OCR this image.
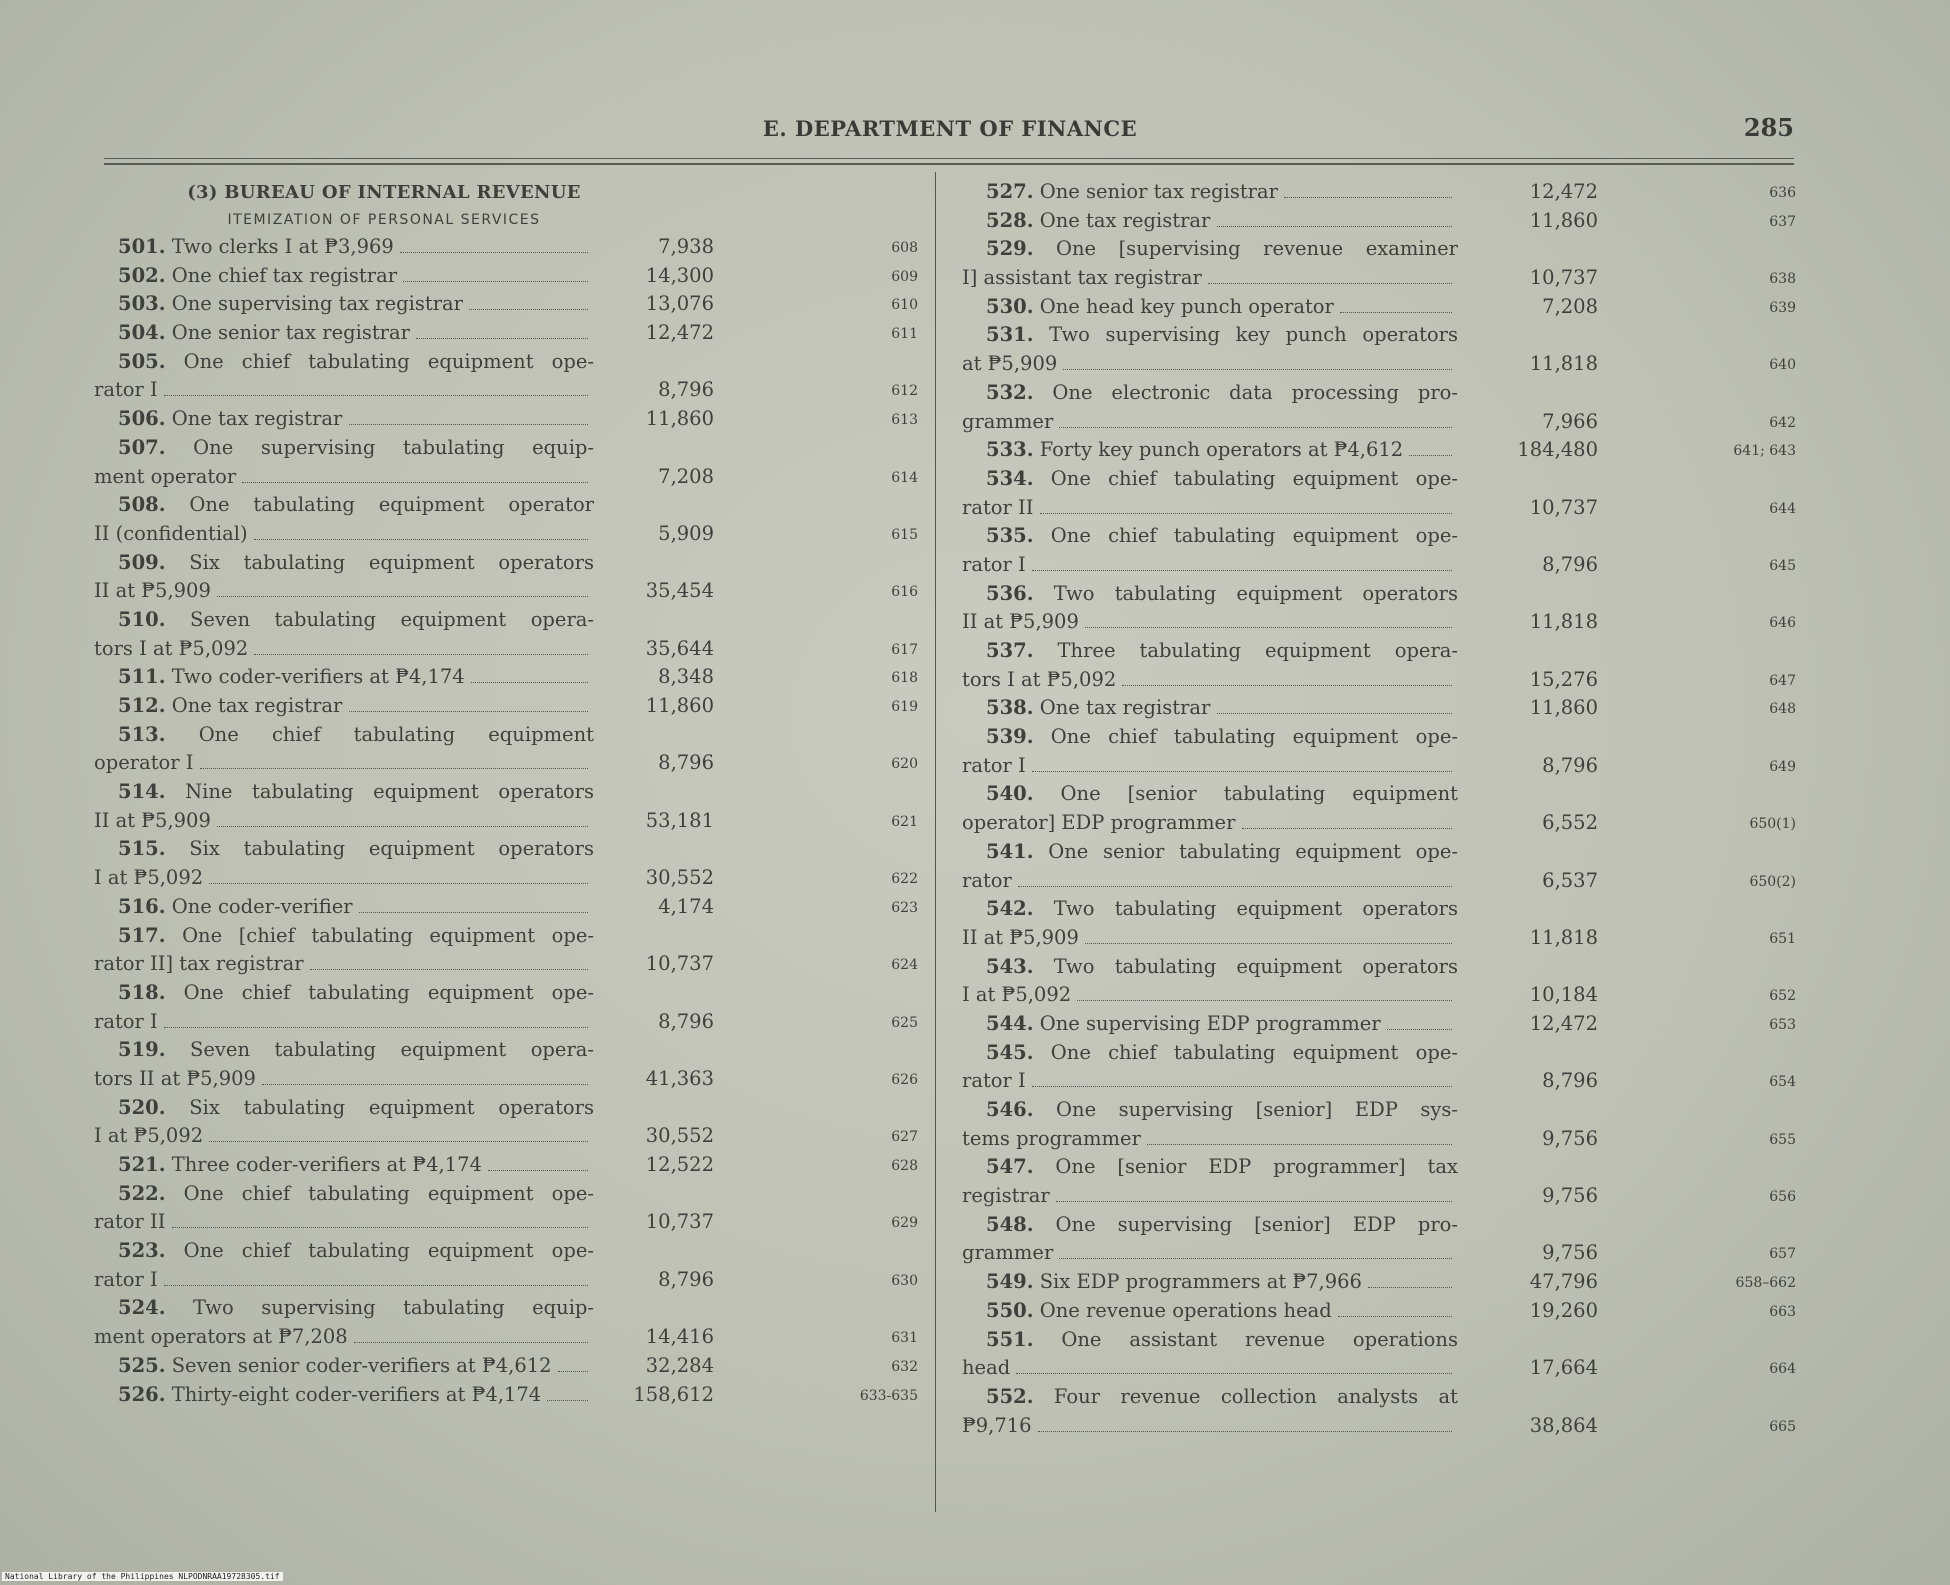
E. DEPARTMENT OF FINANCE	285
(3) BUREAU OF INTERNAL REVENUE
ITEMIZATION OF PERSONAL SERVICES
501. Two clerks I at ₱3,969	7,938	608
502. One chief tax registrar	14,300	609
503. One supervising tax registrar	13,076	610
504. One senior tax registrar	12,472	611
505. One chief tabulating equipment ope-
rator I	8,796	612
506. One tax registrar	11,860	613
507. One supervising tabulating equip-
ment operator	7,208	614
508. One tabulating equipment operator
II (confidential)	5,909	615
509. Six tabulating equipment operators
II at ₱5,909	35,454	616
510. Seven tabulating equipment opera-
tors I at ₱5,092	35,644	617
511. Two coder-verifiers at ₱4,174	8,348	618
512. One tax registrar	11,860	619
513. One chief tabulating equipment
operator I	8,796	620
514. Nine tabulating equipment operators
II at ₱5,909	53,181	621
515. Six tabulating equipment operators
I at ₱5,092	30,552	622
516. One coder-verifier	4,174	623
517. One [chief tabulating equipment ope-
rator II] tax registrar	10,737	624
518. One chief tabulating equipment ope-
rator I	8,796	625
519. Seven tabulating equipment opera-
tors II at ₱5,909	41,363	626
520. Six tabulating equipment operators
I at ₱5,092	30,552	627
521. Three coder-verifiers at ₱4,174	12,522	628
522. One chief tabulating equipment ope-
rator II	10,737	629
523. One chief tabulating equipment ope-
rator I	8,796	630
524. Two supervising tabulating equip-
ment operators at ₱7,208	14,416	631
525. Seven senior coder-verifiers at ₱4,612	32,284	632
526. Thirty-eight coder-verifiers at ₱4,174	158,612	633-635
527. One senior tax registrar	12,472	636
528. One tax registrar	11,860	637
529. One [supervising revenue examiner
I] assistant tax registrar	10,737	638
530. One head key punch operator	7,208	639
531. Two supervising key punch operators
at ₱5,909	11,818	640
532. One electronic data processing pro-
grammer	7,966	642
533. Forty key punch operators at ₱4,612	184,480	641; 643
534. One chief tabulating equipment ope-
rator II	10,737	644
535. One chief tabulating equipment ope-
rator I	8,796	645
536. Two tabulating equipment operators
II at ₱5,909	11,818	646
537. Three tabulating equipment opera-
tors I at ₱5,092	15,276	647
538. One tax registrar	11,860	648
539. One chief tabulating equipment ope-
rator I	8,796	649
540. One [senior tabulating equipment
operator] EDP programmer	6,552	650(1)
541. One senior tabulating equipment ope-
rator	6,537	650(2)
542. Two tabulating equipment operators
II at ₱5,909	11,818	651
543. Two tabulating equipment operators
I at ₱5,092	10,184	652
544. One supervising EDP programmer	12,472	653
545. One chief tabulating equipment ope-
rator I	8,796	654
546. One supervising [senior] EDP sys-
tems programmer	9,756	655
547. One [senior EDP programmer] tax
registrar	9,756	656
548. One supervising [senior] EDP pro-
grammer	9,756	657
549. Six EDP programmers at ₱7,966	47,796	658–662
550. One revenue operations head	19,260	663
551. One assistant revenue operations
head	17,664	664
552. Four revenue collection analysts at
₱9,716	38,864	665
National Library of the Philippines NLPODNRAA19728305.tif
